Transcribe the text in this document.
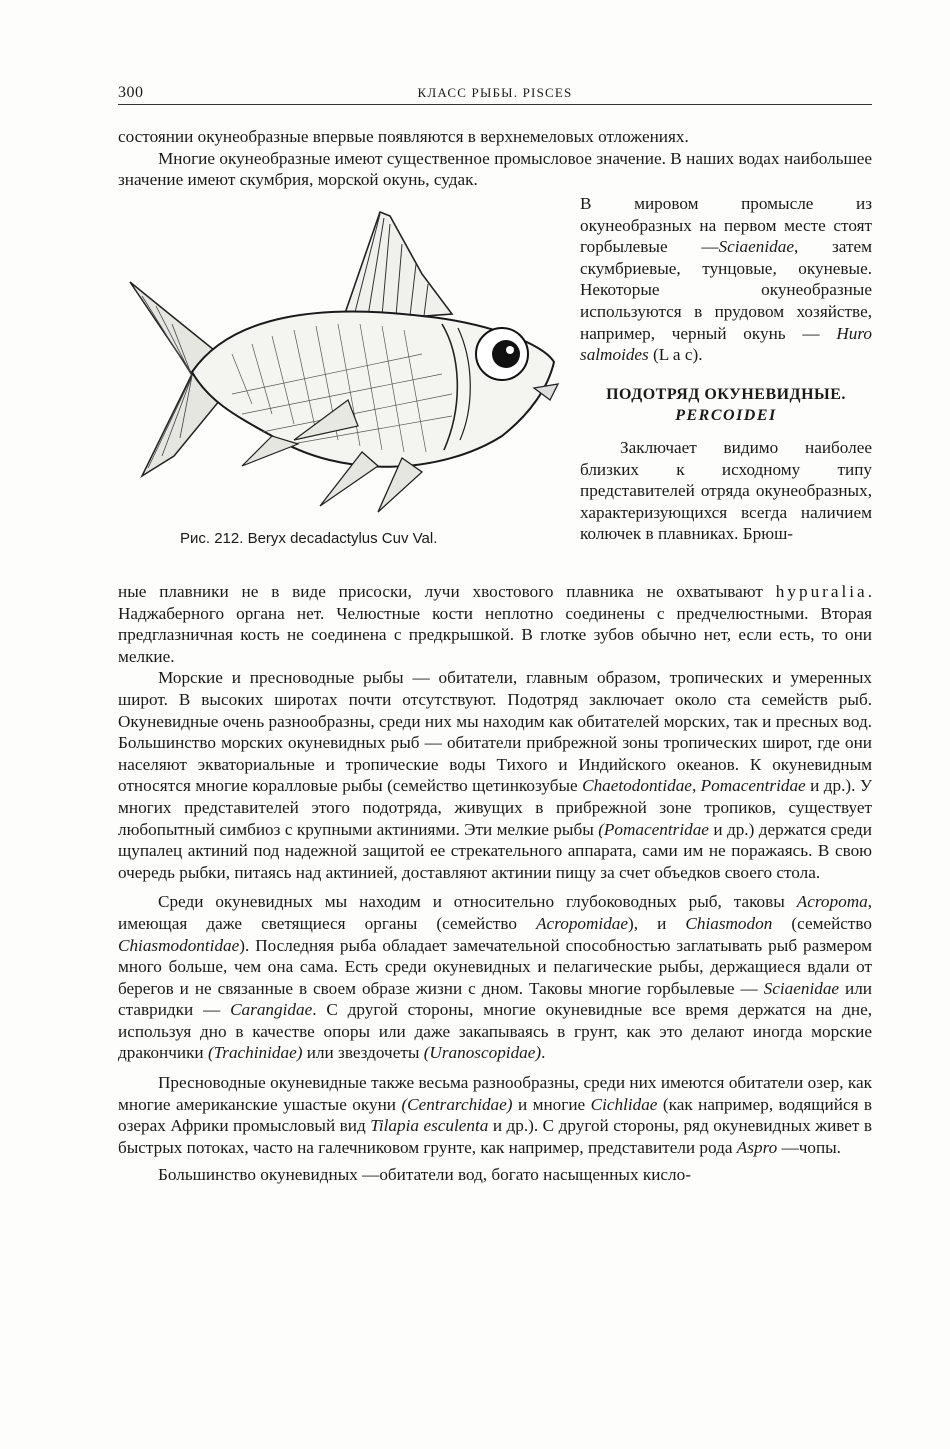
300	КЛАСС РЫБЫ. PISCES

состоянии окунеобразные впервые появляются в верхнемеловых отложениях.

Многие окунеобразные имеют существенное промысловое значение. В наших водах наибольшее значение имеют скумбрия, морской окунь, судак.

Рис. 212. Beryx decadactylus Cuv Val.

В мировом промысле из окунеобразных на первом месте стоят горбылевые —Sciaenidae, затем скумбриевые, тунцовые, окуневые. Некоторые окунеобразные используются в прудовом хозяйстве, например, черный окунь — Huro salmoides (L a c).

ПОДОТРЯД ОКУНЕВИДНЫЕ.

PERCOIDEI

Заключает видимо наиболее близких к исходному типу представителей отряда окунеобразных, характеризующихся всегда наличием колючек в плавниках. Брюш-

ные плавники не в виде присоски, лучи хвостового плавника не охватывают hypuralia. Наджаберного органа нет. Челюстные кости неплотно соединены с предчелюстными. Вторая предглазничная кость не соединена с предкрышкой. В глотке зубов обычно нет, если есть, то они мелкие.

Морские и пресноводные рыбы — обитатели, главным образом, тропических и умеренных широт. В высоких широтах почти отсутствуют. Подотряд заключает около ста семейств рыб. Окуневидные очень разнообразны, среди них мы находим как обитателей морских, так и пресных вод. Большинство морских окуневидных рыб — обитатели прибрежной зоны тропических широт, где они населяют экваториальные и тропические воды Тихого и Индийского океанов. К окуневидным относятся многие коралловые рыбы (семейство щетинкозубые Chaetodontidae, Pomacentridae и др.). У многих представителей этого подотряда, живущих в прибрежной зоне тропиков, существует любопытный симбиоз с крупными актиниями. Эти мелкие рыбы (Pomacentridae и др.) держатся среди щупалец актиний под надежной защитой ее стрекательного аппарата, сами им не поражаясь. В свою очередь рыбки, питаясь над актинией, доставляют актинии пищу за счет объедков своего стола.

Среди окуневидных мы находим и относительно глубоководных рыб, таковы Acropoma, имеющая даже светящиеся органы (семейство Acropomidae), и Chiasmodon (семейство Chiasmodontidae). Последняя рыба обладает замечательной способностью заглатывать рыб размером много больше, чем она сама. Есть среди окуневидных и пелагические рыбы, держащиеся вдали от берегов и не связанные в своем образе жизни с дном. Таковы многие горбылевые — Sciaenidae или ставридки — Carangidae. С другой стороны, многие окуневидные все время держатся на дне, используя дно в качестве опоры или даже закапываясь в грунт, как это делают иногда морские дракончики (Trachinidae) или звездочеты (Uranoscopidae).

Пресноводные окуневидные также весьма разнообразны, среди них имеются обитатели озер, как многие американские ушастые окуни (Centrarchidae) и многие Cichlidae (как например, водящийся в озерах Африки промысловый вид Tilapia esculenta и др.). С другой стороны, ряд окуневидных живет в быстрых потоках, часто на галечниковом грунте, как например, представители рода Aspro —чопы.

Большинство окуневидных —обитатели вод, богато насыщенных кисло-
